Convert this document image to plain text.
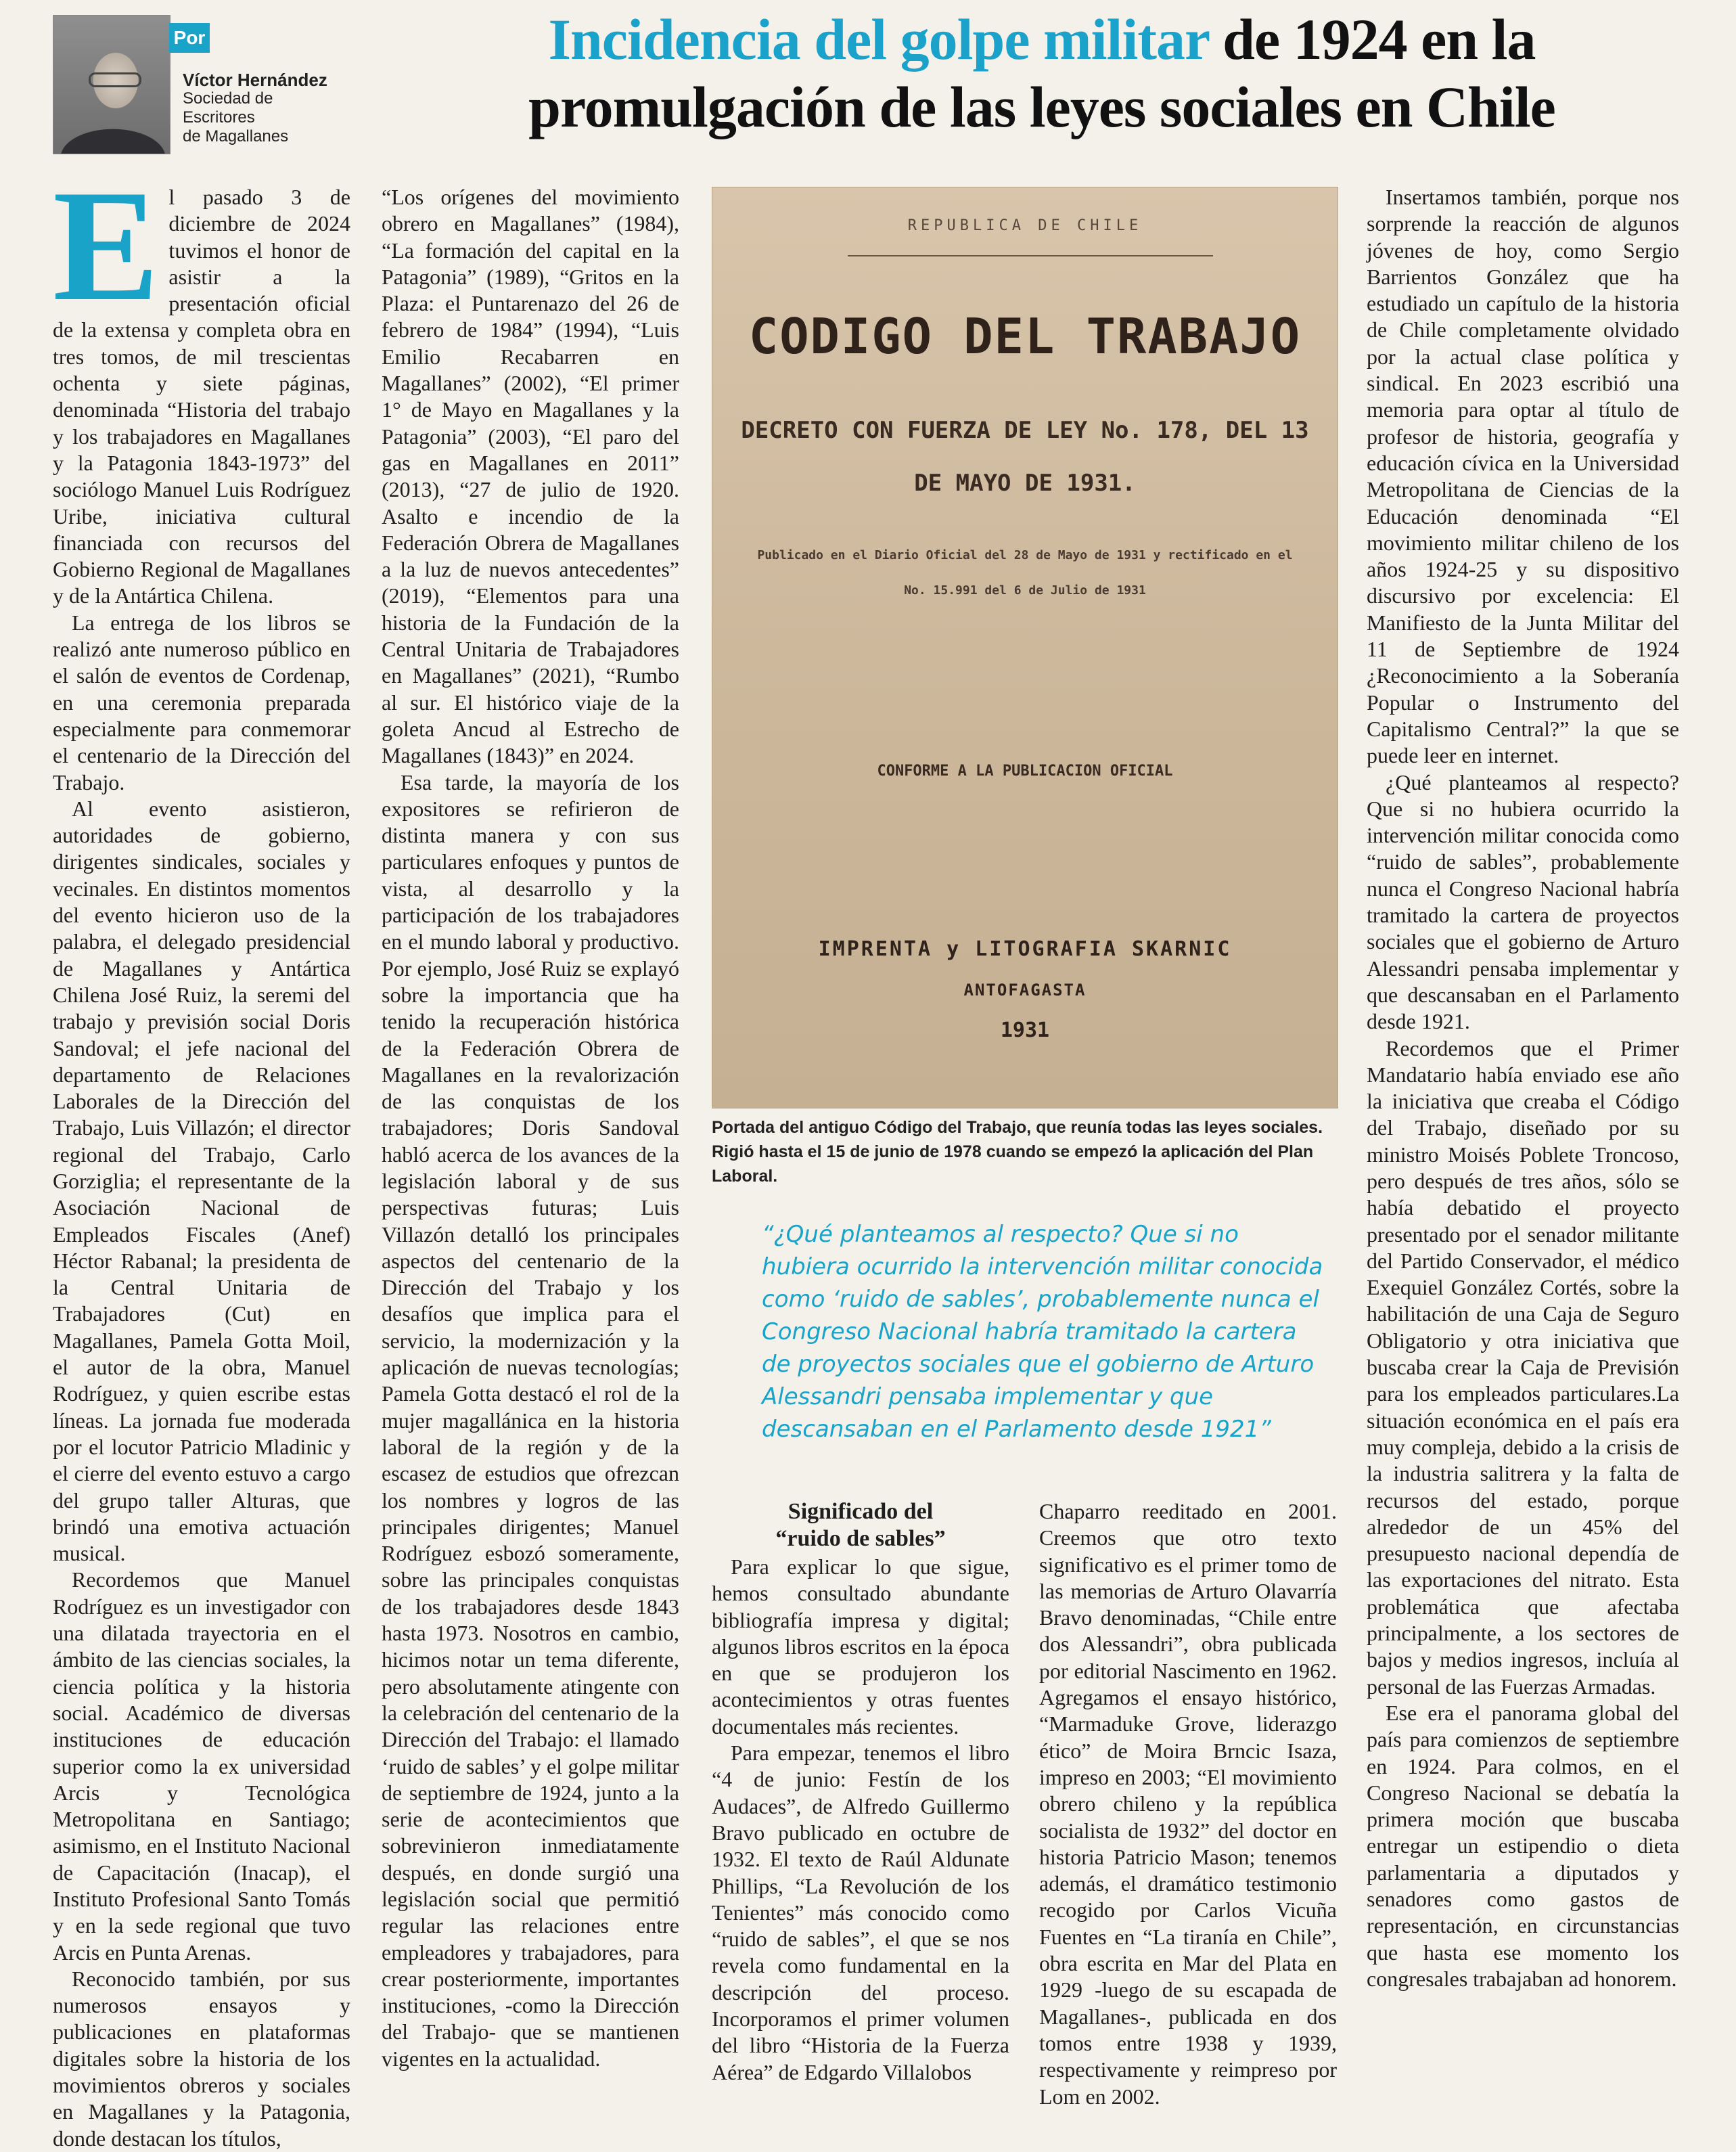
Por
Víctor Hernández
Sociedad de
Escritores
de Magallanes
Incidencia del golpe militar de 1924 en la
promulgación de las leyes sociales en Chile

El pasado 3 de diciembre de 2024 tuvimos el honor de asistir a la presentación oficial de la extensa y completa obra en tres tomos, de mil trescientas ochenta y siete páginas, denominada “Historia del trabajo y los trabajadores en Magallanes y la Patagonia 1843-1973” del sociólogo Manuel Luis Rodríguez Uribe, iniciativa cultural financiada con recursos del Gobierno Regional de Magallanes y de la Antártica Chilena.

La entrega de los libros se realizó ante numeroso público en el salón de eventos de Cordenap, en una ceremonia preparada especialmente para conmemorar el centenario de la Dirección del Trabajo.

Al evento asistieron, autoridades de gobierno, dirigentes sindicales, sociales y vecinales. En distintos momentos del evento hicieron uso de la palabra, el delegado presidencial de Magallanes y Antártica Chilena José Ruiz, la seremi del trabajo y previsión social Doris Sandoval; el jefe nacional del departamento de Relaciones Laborales de la Dirección del Trabajo, Luis Villazón; el director regional del Trabajo, Carlo Gorziglia; el representante de la Asociación Nacional de Empleados Fiscales (Anef) Héctor Rabanal; la presidenta de la Central Unitaria de Trabajadores (Cut) en Magallanes, Pamela Gotta Moil, el autor de la obra, Manuel Rodríguez, y quien escribe estas líneas. La jornada fue moderada por el locutor Patricio Mladinic y el cierre del evento estuvo a cargo del grupo taller Alturas, que brindó una emotiva actuación musical.

Recordemos que Manuel Rodríguez es un investigador con una dilatada trayectoria en el ámbito de las ciencias sociales, la ciencia política y la historia social. Académico de diversas instituciones de educación superior como la ex universidad Arcis y Tecnológica Metropolitana en Santiago; asimismo, en el Instituto Nacional de Capacitación (Inacap), el Instituto Profesional Santo Tomás y en la sede regional que tuvo Arcis en Punta Arenas.

Reconocido también, por sus numerosos ensayos y publicaciones en plataformas digitales sobre la historia de los movimientos obreros y sociales en Magallanes y la Patagonia, donde destacan los títulos,

“Los orígenes del movimiento obrero en Magallanes” (1984), “La formación del capital en la Patagonia” (1989), “Gritos en la Plaza: el Puntarenazo del 26 de febrero de 1984” (1994), “Luis Emilio Recabarren en Magallanes” (2002), “El primer 1° de Mayo en Magallanes y la Patagonia” (2003), “El paro del gas en Magallanes en 2011” (2013), “27 de julio de 1920. Asalto e incendio de la Federación Obrera de Magallanes a la luz de nuevos antecedentes” (2019), “Elementos para una historia de la Fundación de la Central Unitaria de Trabajadores en Magallanes” (2021), “Rumbo al sur. El histórico viaje de la goleta Ancud al Estrecho de Magallanes (1843)” en 2024.

Esa tarde, la mayoría de los expositores se refirieron de distinta manera y con sus particulares enfoques y puntos de vista, al desarrollo y la participación de los trabajadores en el mundo laboral y productivo. Por ejemplo, José Ruiz se explayó sobre la importancia que ha tenido la recuperación histórica de la Federación Obrera de Magallanes en la revalorización de las conquistas de los trabajadores; Doris Sandoval habló acerca de los avances de la legislación laboral y de sus perspectivas futuras; Luis Villazón detalló los principales aspectos del centenario de la Dirección del Trabajo y los desafíos que implica para el servicio, la modernización y la aplicación de nuevas tecnologías; Pamela Gotta destacó el rol de la mujer magallánica en la historia laboral de la región y de la escasez de estudios que ofrezcan los nombres y logros de las principales dirigentes; Manuel Rodríguez esbozó someramente, sobre las principales conquistas de los trabajadores desde 1843 hasta 1973. Nosotros en cambio, hicimos notar un tema diferente, pero absolutamente atingente con la celebración del centenario de la Dirección del Trabajo: el llamado ‘ruido de sables’ y el golpe militar de septiembre de 1924, junto a la serie de acontecimientos que sobrevinieron inmediatamente después, en donde surgió una legislación social que permitió regular las relaciones entre empleadores y trabajadores, para crear posteriormente, importantes instituciones, -como la Dirección del Trabajo- que se mantienen vigentes en la actualidad.

REPUBLICA DE CHILE
CODIGO DEL TRABAJO
DECRETO CON FUERZA DE LEY No. 178, DEL 13 DE MAYO DE 1931.
Publicado en el Diario Oficial del 28 de Mayo de 1931 y rectificado en el No. 15.991 del 6 de Julio de 1931
CONFORME A LA PUBLICACION OFICIAL
IMPRENTA y LITOGRAFIA SKARNIC
ANTOFAGASTA
1931
Portada del antiguo Código del Trabajo, que reunía todas las leyes sociales. Rigió hasta el 15 de junio de 1978 cuando se empezó la aplicación del Plan Laboral.
“¿Qué planteamos al respecto? Que si no hubiera ocurrido la intervención militar conocida como ‘ruido de sables’, probablemente nunca el Congreso Nacional habría tramitado la cartera de proyectos sociales que el gobierno de Arturo Alessandri pensaba implementar y que descansaban en el Parlamento desde 1921”
Significado del
“ruido de sables”

Para explicar lo que sigue, hemos consultado abundante bibliografía impresa y digital; algunos libros escritos en la época en que se produjeron los acontecimientos y otras fuentes documentales más recientes.

Para empezar, tenemos el libro “4 de junio: Festín de los Audaces”, de Alfredo Guillermo Bravo publicado en octubre de 1932. El texto de Raúl Aldunate Phillips, “La Revolución de los Tenientes” más conocido como “ruido de sables”, el que se nos revela como fundamental en la descripción del proceso. Incorporamos el primer volumen del libro “Historia de la Fuerza Aérea” de Edgardo Villalobos

Chaparro reeditado en 2001. Creemos que otro texto significativo es el primer tomo de las memorias de Arturo Olavarría Bravo denominadas, “Chile entre dos Alessandri”, obra publicada por editorial Nascimento en 1962. Agregamos el ensayo histórico, “Marmaduke Grove, liderazgo ético” de Moira Brncic Isaza, impreso en 2003; “El movimiento obrero chileno y la república socialista de 1932” del doctor en historia Patricio Mason; tenemos además, el dramático testimonio recogido por Carlos Vicuña Fuentes en “La tiranía en Chile”, obra escrita en Mar del Plata en 1929 -luego de su escapada de Magallanes-, publicada en dos tomos entre 1938 y 1939, respectivamente y reimpreso por Lom en 2002.

Insertamos también, porque nos sorprende la reacción de algunos jóvenes de hoy, como Sergio Barrientos González que ha estudiado un capítulo de la historia de Chile completamente olvidado por la actual clase política y sindical. En 2023 escribió una memoria para optar al título de profesor de historia, geografía y educación cívica en la Universidad Metropolitana de Ciencias de la Educación denominada “El movimiento militar chileno de los años 1924-25 y su dispositivo discursivo por excelencia: El Manifiesto de la Junta Militar del 11 de Septiembre de 1924 ¿Reconocimiento a la Soberanía Popular o Instrumento del Capitalismo Central?” la que se puede leer en internet.

¿Qué planteamos al respecto? Que si no hubiera ocurrido la intervención militar conocida como “ruido de sables”, probablemente nunca el Congreso Nacional habría tramitado la cartera de proyectos sociales que el gobierno de Arturo Alessandri pensaba implementar y que descansaban en el Parlamento desde 1921.

Recordemos que el Primer Mandatario había enviado ese año la iniciativa que creaba el Código del Trabajo, diseñado por su ministro Moisés Poblete Troncoso, pero después de tres años, sólo se había debatido el proyecto presentado por el senador militante del Partido Conservador, el médico Exequiel González Cortés, sobre la habilitación de una Caja de Seguro Obligatorio y otra iniciativa que buscaba crear la Caja de Previsión para los empleados particulares.La situación económica en el país era muy compleja, debido a la crisis de la industria salitrera y la falta de recursos del estado, porque alrededor de un 45% del presupuesto nacional dependía de las exportaciones del nitrato. Esta problemática que afectaba principalmente, a los sectores de bajos y medios ingresos, incluía al personal de las Fuerzas Armadas.

Ese era el panorama global del país para comienzos de septiembre en 1924. Para colmos, en el Congreso Nacional se debatía la primera moción que buscaba entregar un estipendio o dieta parlamentaria a diputados y senadores como gastos de representación, en circunstancias que hasta ese momento los congresales trabajaban ad honorem.
